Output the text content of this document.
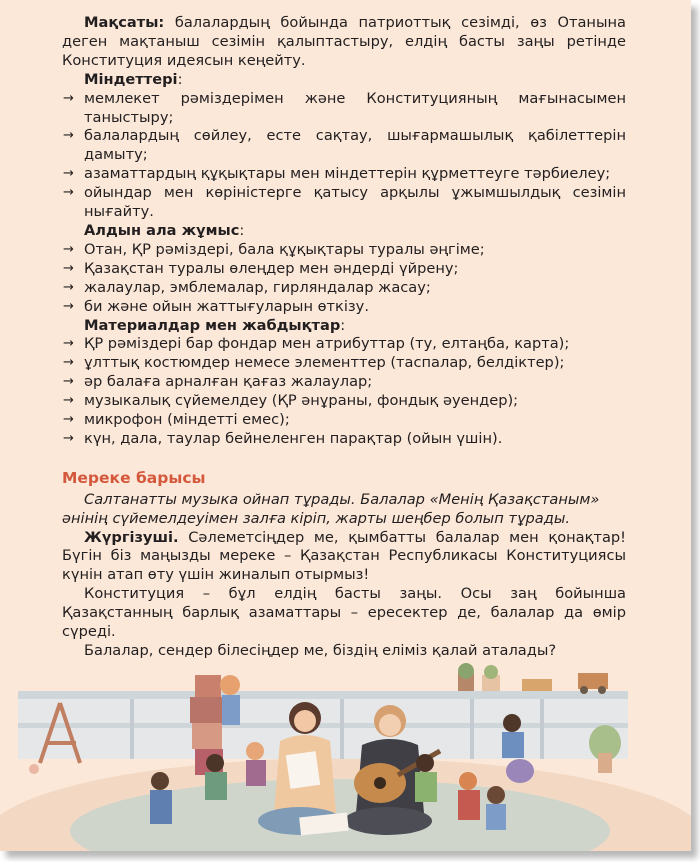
Мақсаты: балалардың бойында патриоттық сезімді, өз Отанына деген мақтаныш сезімін қалыптастыру, елдің басты заңы ретінде Конституция идеясын кеңейту.

Міндеттері:

→ мемлекет рәміздерімен және Конституцияның мағынасымен таныстыру;
→ балалардың сөйлеу, есте сақтау, шығармашылық қабілеттерін дамыту;
→ азаматтардың құқықтары мен міндеттерін құрметтеуге тәрбиелеу;
→ ойындар мен көріністерге қатысу арқылы ұжымшылдық сезімін нығайту.

Алдын ала жұмыс:

→ Отан, ҚР рәміздері, бала құқықтары туралы әңгіме;
→ Қазақстан туралы өлеңдер мен әндерді үйрену;
→ жалаулар, эмблемалар, гирляндалар жасау;
→ би және ойын жаттығуларын өткізу.

Материалдар мен жабдықтар:

→ ҚР рәміздері бар фондар мен атрибуттар (ту, елтаңба, карта);
→ ұлттық костюмдер немесе элементтер (таспалар, белдіктер);
→ әр балаға арналған қағаз жалаулар;
→ музыкалық сүйемелдеу (ҚР әнұраны, фондық әуендер);
→ микрофон (міндетті емес);
→ күн, дала, таулар бейнеленген парақтар (ойын үшін).
Мереке барысы

Салтанатты музыка ойнап тұрады. Балалар «Менің Қазақстаным»

әнінің сүйемелдеуімен залға кіріп, жарты шеңбер болып тұрады.

Жүргізуші. Сәлеметсіңдер ме, қымбатты балалар мен қонақтар! Бүгін біз маңызды мереке – Қазақстан Республикасы Конституциясы күнін атап өту үшін жиналып отырмыз!

Конституция – бұл елдің басты заңы. Осы заң бойынша Қазақстанның барлық азаматтары – ересектер де, балалар да өмір сүреді.

Балалар, сендер білесіңдер ме, біздің еліміз қалай аталады?
